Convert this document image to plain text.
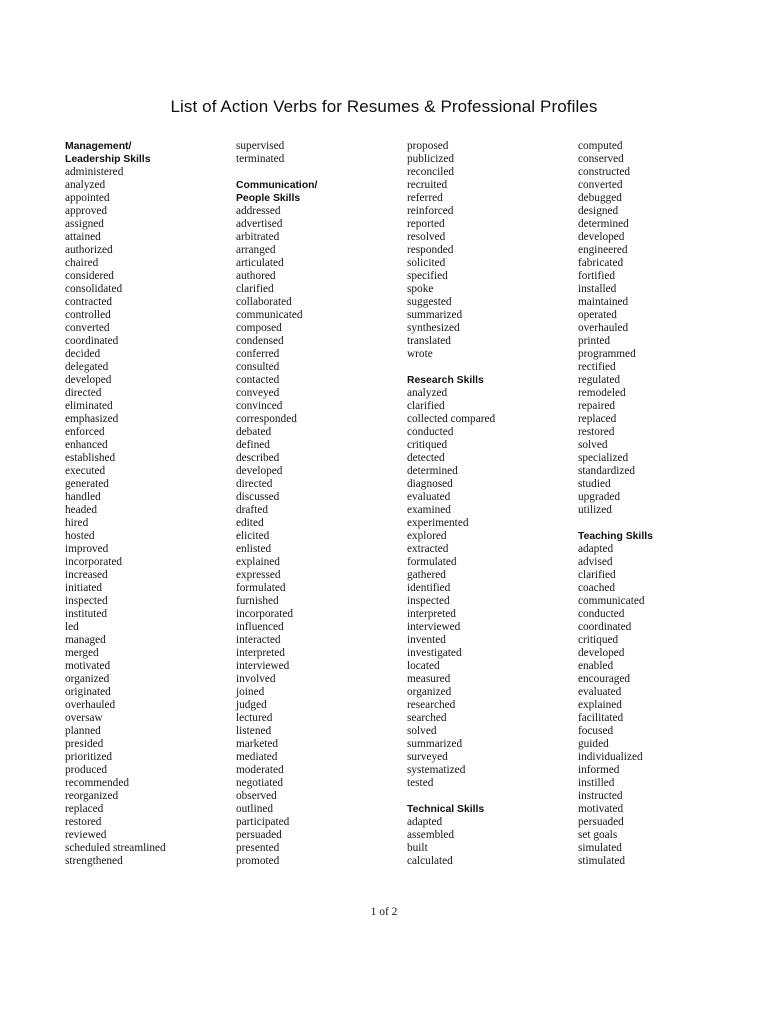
List of Action Verbs for Resumes & Professional Profiles
Management/
Leadership Skills
administered
analyzed
appointed
approved
assigned
attained
authorized
chaired
considered
consolidated
contracted
controlled
converted
coordinated
decided
delegated
developed
directed
eliminated
emphasized
enforced
enhanced
established
executed
generated
handled
headed
hired
hosted
improved
incorporated
increased
initiated
inspected
instituted
led
managed
merged
motivated
organized
originated
overhauled
oversaw
planned
presided
prioritized
produced
recommended
reorganized
replaced
restored
reviewed
scheduled streamlined
strengthened
supervised
terminated
Communication/
People Skills
addressed
advertised
arbitrated
arranged
articulated
authored
clarified
collaborated
communicated
composed
condensed
conferred
consulted
contacted
conveyed
convinced
corresponded
debated
defined
described
developed
directed
discussed
drafted
edited
elicited
enlisted
explained
expressed
formulated
furnished
incorporated
influenced
interacted
interpreted
interviewed
involved
joined
judged
lectured
listened
marketed
mediated
moderated
negotiated
observed
outlined
participated
persuaded
presented
promoted
proposed
publicized
reconciled
recruited
referred
reinforced
reported
resolved
responded
solicited
specified
spoke
suggested
summarized
synthesized
translated
wrote
Research Skills
analyzed
clarified
collected compared
conducted
critiqued
detected
determined
diagnosed
evaluated
examined
experimented
explored
extracted
formulated
gathered
identified
inspected
interpreted
interviewed
invented
investigated
located
measured
organized
researched
searched
solved
summarized
surveyed
systematized
tested
Technical Skills
adapted
assembled
built
calculated
computed
conserved
constructed
converted
debugged
designed
determined
developed
engineered
fabricated
fortified
installed
maintained
operated
overhauled
printed
programmed
rectified
regulated
remodeled
repaired
replaced
restored
solved
specialized
standardized
studied
upgraded
utilized
Teaching Skills
adapted
advised
clarified
coached
communicated
conducted
coordinated
critiqued
developed
enabled
encouraged
evaluated
explained
facilitated
focused
guided
individualized
informed
instilled
instructed
motivated
persuaded
set goals
simulated
stimulated
1 of 2
